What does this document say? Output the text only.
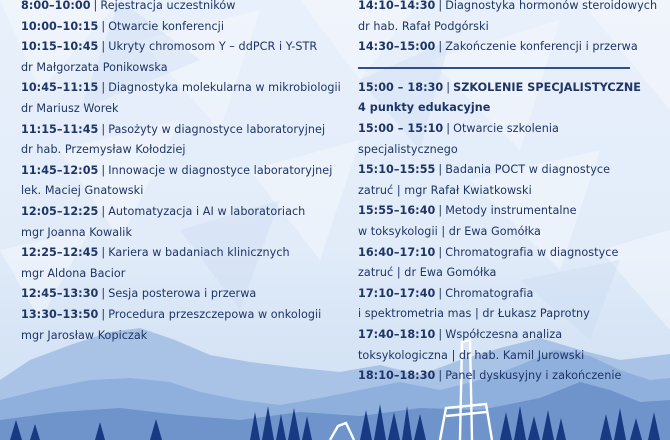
8:00–10:00 | Rejestracja uczestników
10:00–10:15 | Otwarcie konferencji
10:15–10:45 | Ukryty chromosom Y – ddPCR i Y-STR
dr Małgorzata Ponikowska
10:45–11:15 | Diagnostyka molekularna w mikrobiologii
dr Mariusz Worek
11:15–11:45 | Pasożyty w diagnostyce laboratoryjnej
dr hab. Przemysław Kołodziej
11:45–12:05 | Innowacje w diagnostyce laboratoryjnej
lek. Maciej Gnatowski
12:05–12:25 | Automatyzacja i AI w laboratoriach
mgr Joanna Kowalik
12:25–12:45 | Kariera w badaniach klinicznych
mgr Aldona Bacior
12:45–13:30 | Sesja posterowa i przerwa
13:30–13:50 | Procedura przeszczepowa w onkologii
mgr Jarosław Kopiczak
14:10–14:30 | Diagnostyka hormonów steroidowych
dr hab. Rafał Podgórski
14:30–15:00 | Zakończenie konferencji i przerwa
15:00 – 18:30 | SZKOLENIE SPECJALISTYCZNE
4 punkty edukacyjne
15:00 – 15:10 | Otwarcie szkolenia
specjalistycznego
15:10–15:55 | Badania POCT w diagnostyce
zatruć | mgr Rafał Kwiatkowski
15:55–16:40 | Metody instrumentalne
w toksykologii | dr Ewa Gomółka
16:40–17:10 | Chromatografia w diagnostyce
zatruć | dr Ewa Gomółka
17:10–17:40 | Chromatografia
i spektrometria mas | dr Łukasz Paprotny
17:40–18:10 | Współczesna analiza
toksykologiczna | dr hab. Kamil Jurowski
18:10–18:30 | Panel dyskusyjny i zakończenie
